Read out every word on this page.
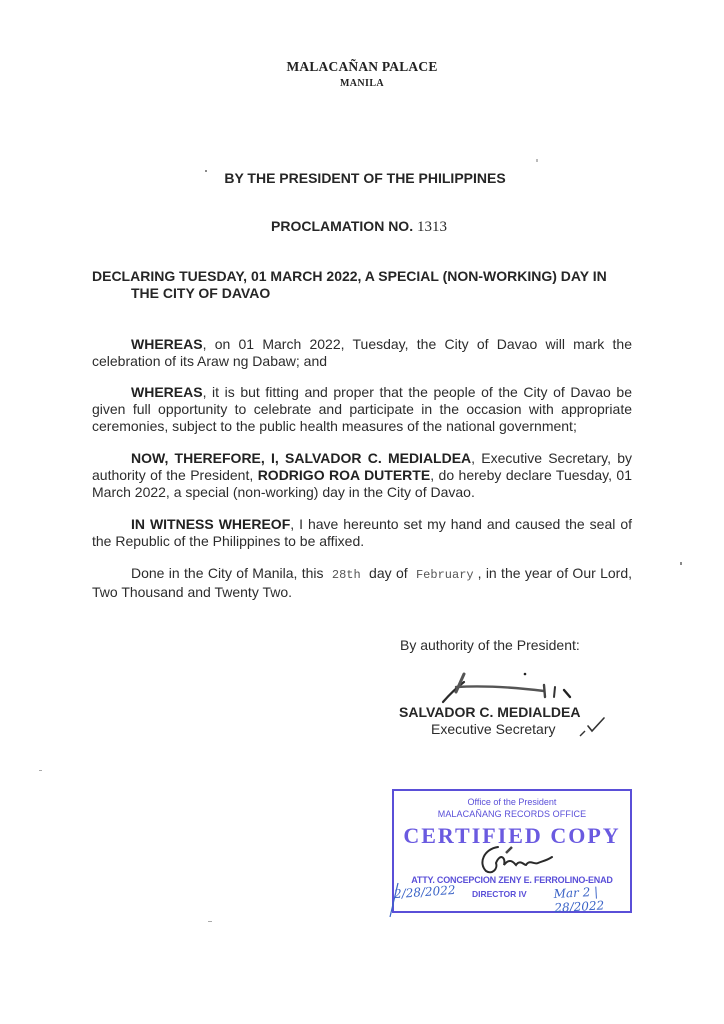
MALACAÑAN PALACE
MANILA
BY THE PRESIDENT OF THE PHILIPPINES
PROCLAMATION NO. 1313
DECLARING TUESDAY, 01 MARCH 2022, A SPECIAL (NON-WORKING) DAY IN
THE CITY OF DAVAO
WHEREAS, on 01 March 2022, Tuesday, the City of Davao will mark the celebration of its Araw ng Dabaw; and
WHEREAS, it is but fitting and proper that the people of the City of Davao be given full opportunity to celebrate and participate in the occasion with appropriate ceremonies, subject to the public health measures of the national government;
NOW, THEREFORE, I, SALVADOR C. MEDIALDEA, Executive Secretary, by authority of the President, RODRIGO ROA DUTERTE, do hereby declare Tuesday, 01 March 2022, a special (non-working) day in the City of Davao.
IN WITNESS WHEREOF, I have hereunto set my hand and caused the seal of the Republic of the Philippines to be affixed.
Done in the City of Manila, this 28th day of February , in the year of Our Lord, Two Thousand and Twenty Two.
By authority of the President:
SALVADOR C. MEDIALDEA
Executive Secretary
Office of the President
MALACAÑANG RECORDS OFFICE
CERTIFIED COPY
ATTY. CONCEPCION ZENY E. FERROLINO-ENAD
DIRECTOR IV
2/28/2022	Mar 2 | 28/2022
